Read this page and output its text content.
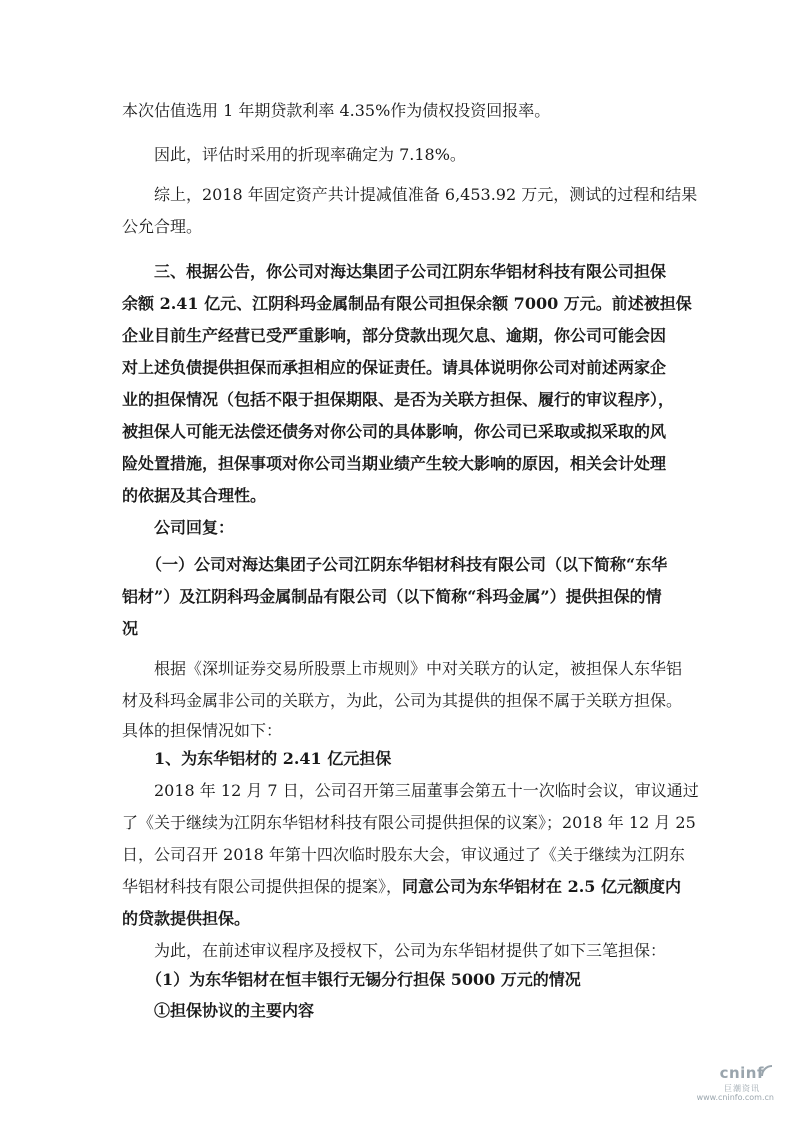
本次估值选用 1 年期贷款利率 4.35%作为债权投资回报率。
因此，评估时采用的折现率确定为 7.18%。
综上，2018 年固定资产共计提减值准备 6,453.92 万元，测试的过程和结果
公允合理。
三、根据公告，你公司对海达集团子公司江阴东华铝材科技有限公司担保
余额 2.41 亿元、江阴科玛金属制品有限公司担保余额 7000 万元。前述被担保
企业目前生产经营已受严重影响，部分贷款出现欠息、逾期，你公司可能会因
对上述负债提供担保而承担相应的保证责任。请具体说明你公司对前述两家企
业的担保情况（包括不限于担保期限、是否为关联方担保、履行的审议程序），
被担保人可能无法偿还债务对你公司的具体影响，你公司已采取或拟采取的风
险处置措施，担保事项对你公司当期业绩产生较大影响的原因，相关会计处理
的依据及其合理性。
公司回复：
（一）公司对海达集团子公司江阴东华铝材科技有限公司（以下简称“东华
铝材”）及江阴科玛金属制品有限公司（以下简称“科玛金属”）提供担保的情
况
根据《深圳证券交易所股票上市规则》中对关联方的认定，被担保人东华铝
材及科玛金属非公司的关联方，为此，公司为其提供的担保不属于关联方担保。
具体的担保情况如下：
1、为东华铝材的 2.41 亿元担保
2018 年 12 月 7 日，公司召开第三届董事会第五十一次临时会议，审议通过
了《关于继续为江阴东华铝材科技有限公司提供担保的议案》；2018 年 12 月 25
日，公司召开 2018 年第十四次临时股东大会，审议通过了《关于继续为江阴东
华铝材科技有限公司提供担保的提案》，同意公司为东华铝材在 2.5 亿元额度内
的贷款提供担保。
为此，在前述审议程序及授权下，公司为东华铝材提供了如下三笔担保：
（1）为东华铝材在恒丰银行无锡分行担保 5000 万元的情况
①担保协议的主要内容
cninf
巨潮资讯
www.cninfo.com.cn
